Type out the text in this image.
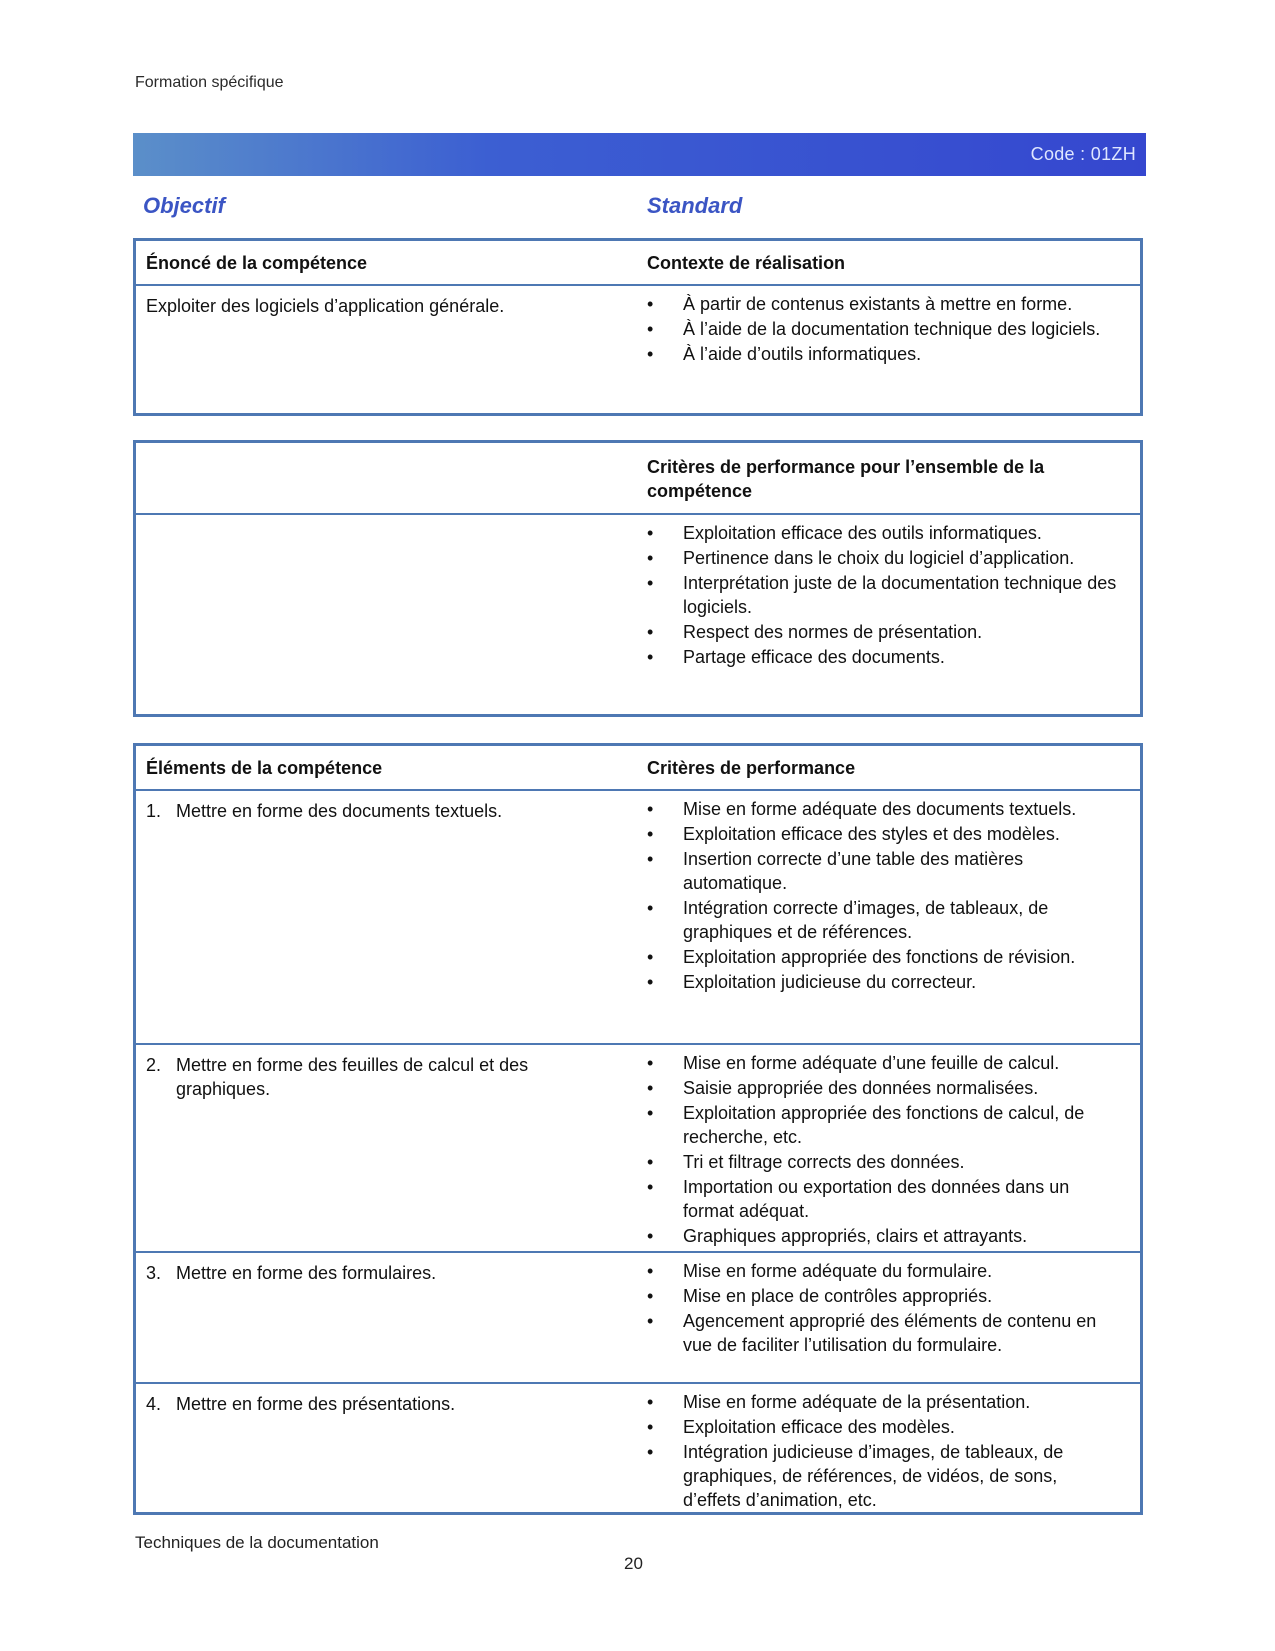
Formation spécifique
Code : 01ZH
Objectif	Standard
Énoncé de la compétence	Contexte de réalisation
Exploiter des logiciels d’application générale.	• À partir de contenus existants à mettre en forme.
• À l’aide de la documentation technique des logiciels.
• À l’aide d’outils informatiques.
Critères de performance pour l’ensemble de la compétence
• Exploitation efficace des outils informatiques.
• Pertinence dans le choix du logiciel d’application.
• Interprétation juste de la documentation technique des logiciels.
• Respect des normes de présentation.
• Partage efficace des documents.
Éléments de la compétence	Critères de performance
1. Mettre en forme des documents textuels.	• Mise en forme adéquate des documents textuels.
• Exploitation efficace des styles et des modèles.
• Insertion correcte d’une table des matières automatique.
• Intégration correcte d’images, de tableaux, de graphiques et de références.
• Exploitation appropriée des fonctions de révision.
• Exploitation judicieuse du correcteur.
2. Mettre en forme des feuilles de calcul et des graphiques.
• Mise en forme adéquate d’une feuille de calcul.
• Saisie appropriée des données normalisées.
• Exploitation appropriée des fonctions de calcul, de recherche, etc.
• Tri et filtrage corrects des données.
• Importation ou exportation des données dans un format adéquat.
• Graphiques appropriés, clairs et attrayants.
3. Mettre en forme des formulaires.	• Mise en forme adéquate du formulaire.
• Mise en place de contrôles appropriés.
• Agencement approprié des éléments de contenu en vue de faciliter l’utilisation du formulaire.
4. Mettre en forme des présentations.	• Mise en forme adéquate de la présentation.
• Exploitation efficace des modèles.
• Intégration judicieuse d’images, de tableaux, de graphiques, de références, de vidéos, de sons, d’effets d’animation, etc.
Techniques de la documentation
20
